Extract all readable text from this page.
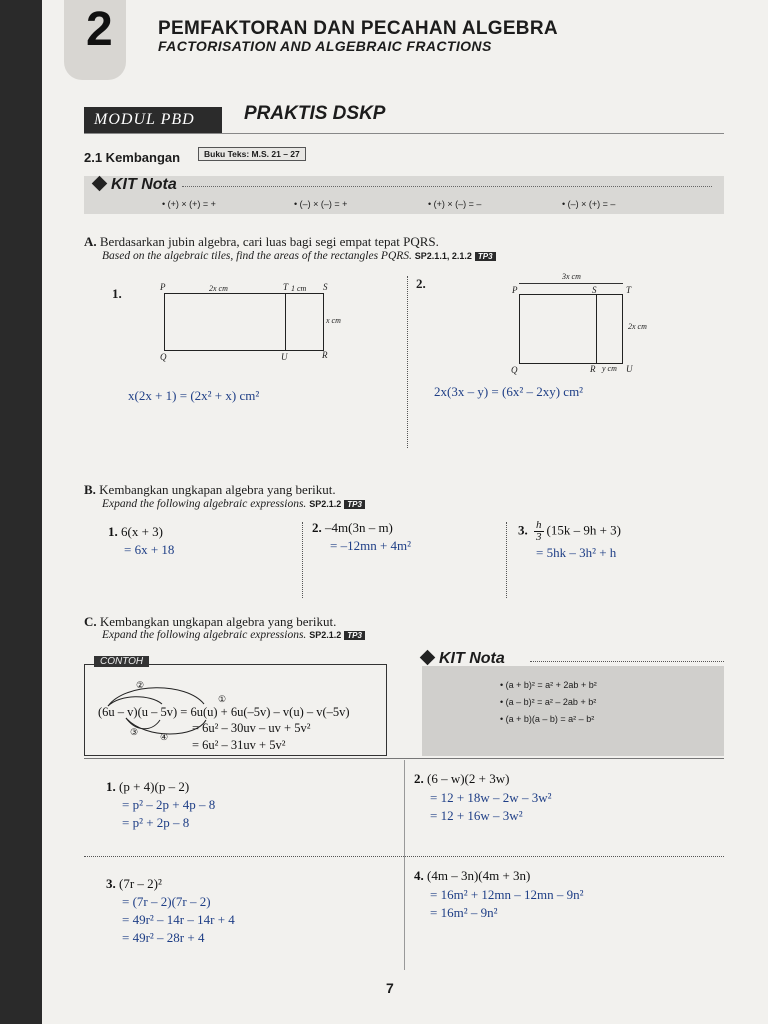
2 PEMFAKTORAN DAN PECAHAN ALGEBRA
FACTORISATION AND ALGEBRAIC FRACTIONS
MODUL PBD	PRAKTIS DSKP
2.1 Kembangan	Buku Teks: M.S. 21 – 27
KIT Nota
• (+) × (+) = +	• (–) × (–) = +	• (+) × (–) = –	• (–) × (+) = –
A. Berdasarkan jubin algebra, cari luas bagi segi empat tepat PQRS.
Based on the algebraic tiles, find the areas of the rectangles PQRS. SP2.1.1, 2.1.2 TP3
1.	P	T	S
Q	U	R
2x cm	1 cm
x cm
x(2x + 1) = (2x² + x) cm²
2.	3x cm
P	S	T
Q	R	U
y cm
2x cm
2x(3x – y) = (6x² – 2xy) cm²
B. Kembangkan ungkapan algebra yang berikut.
Expand the following algebraic expressions. SP2.1.2 TP3
1. 6(x + 3)
= 6x + 18
2. –4m(3n – m)
= –12mn + 4m²
3. $\frac{h}{3} (15k - 9h + 3)$
= 5hk – 3h² + h
C. Kembangkan ungkapan algebra yang berikut.
Expand the following algebraic expressions. SP2.1.2 TP3
CONTOH
②
③ ④
①
(6u – v)(u – 5v) = 6u(u) + 6u(–5v) – v(u) – v(–5v)
= 6u² – 30uv – uv + 5v²
= 6u² – 31uv + 5v²
KIT Nota
• (a + b)² = a² + 2ab + b²
• (a – b)² = a² – 2ab + b²
• (a + b)(a – b) = a² – b²
1. (p + 4)(p – 2)
= p² – 2p + 4p – 8
= p² + 2p – 8
2. (6 – w)(2 + 3w)
= 12 + 18w – 2w – 3w²
= 12 + 16w – 3w²
3. (7r – 2)²
= (7r – 2)(7r – 2)
= 49r² – 14r – 14r + 4
= 49r² – 28r + 4
4. (4m – 3n)(4m + 3n)
= 16m² + 12mn – 12mn – 9n²
= 16m² – 9n²
7
